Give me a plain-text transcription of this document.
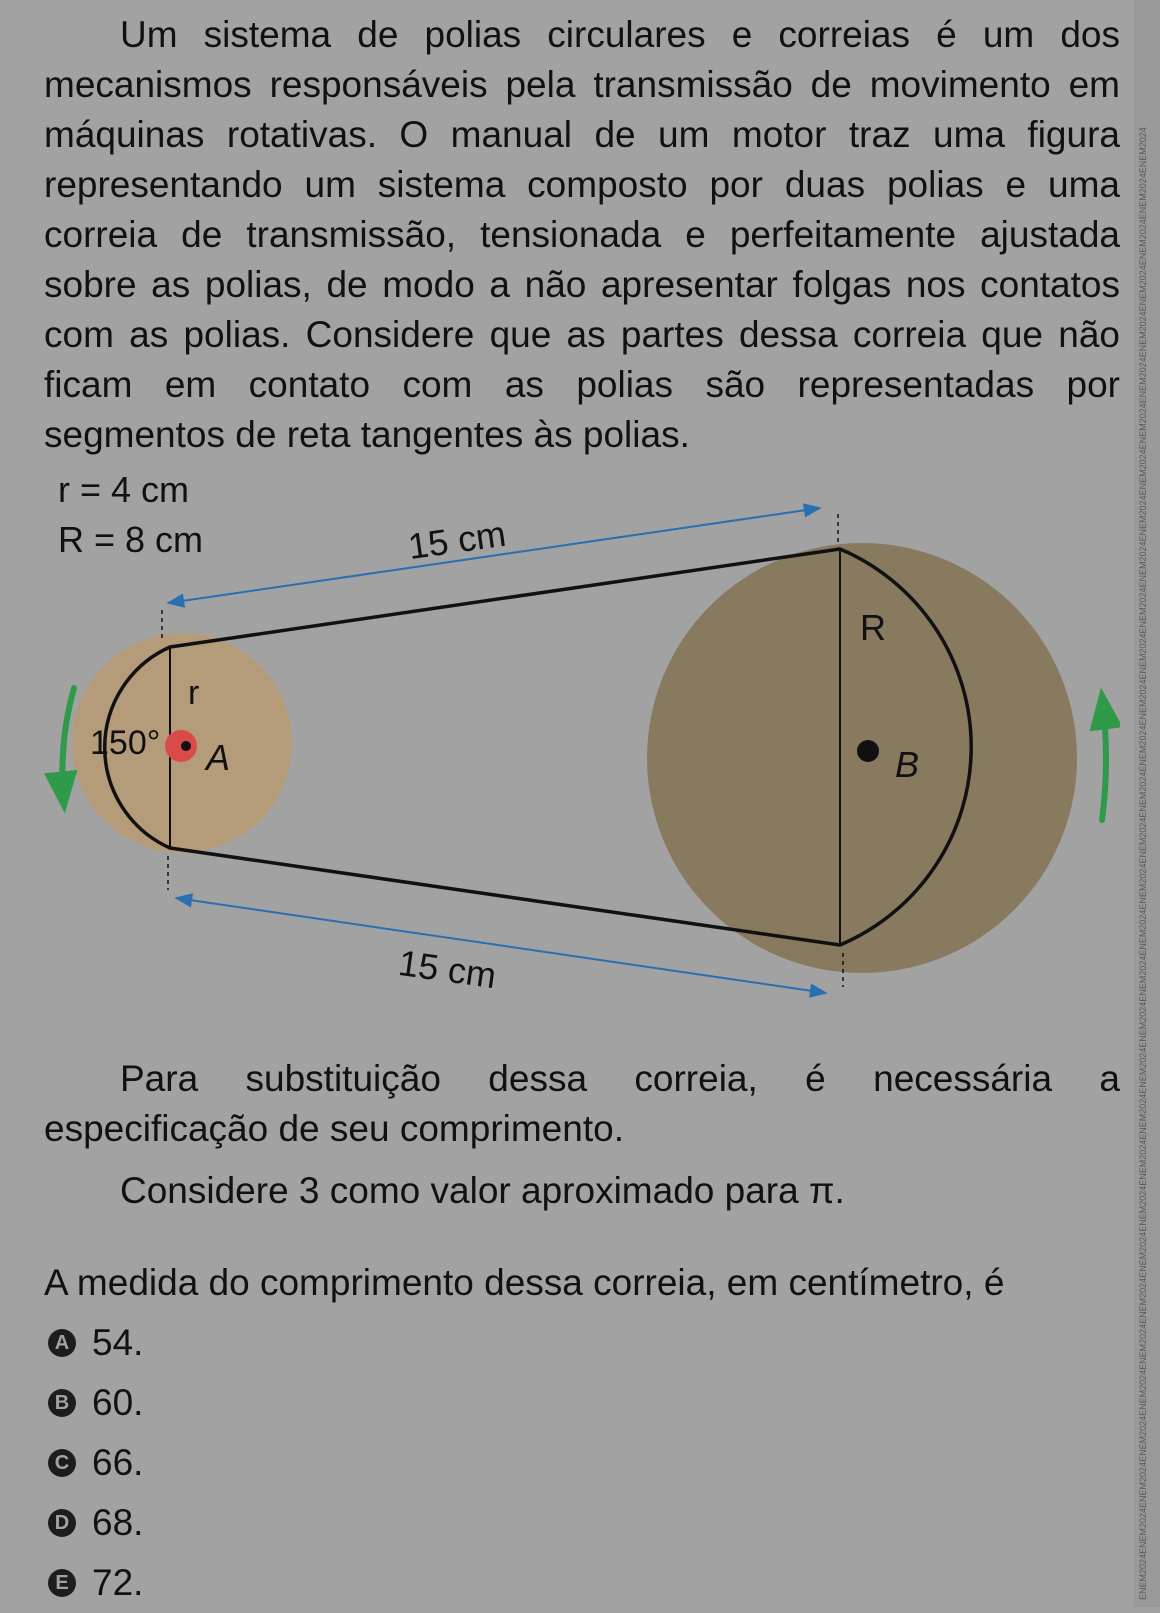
ENEM2024ENEM2024ENEM2024ENEM2024ENEM2024ENEM2024ENEM2024ENEM2024ENEM2024ENEM2024ENEM2024ENEM2024ENEM2024ENEM2024ENEM2024ENEM2024ENEM2024ENEM2024ENEM2024ENEM2024ENEM2024ENEM2024ENEM2024ENEM2024ENEM2024ENEM2024ENEM2024ENEM2024ENEM2024ENEM2024ENEM2024ENEM2024

Um sistema de polias circulares e correias é um dos mecanismos responsáveis pela transmissão de movimento em máquinas rotativas. O manual de um motor traz uma figura representando um sistema composto por duas polias e uma correia de transmissão, tensionada e perfeitamente ajustada sobre as polias, de modo a não apresentar folgas nos contatos com as polias. Considere que as partes dessa correia que não ficam em contato com as polias são representadas por segmentos de reta tangentes às polias.

r = 4 cm
R = 8 cm	15 cm
15 cm
R
r
150° A	B

Para substituição dessa correia, é necessária a especificação de seu comprimento.

Considere 3 como valor aproximado para π.

A medida do comprimento dessa correia, em centímetro, é

A 54.
B 60.
C 66.
D 68.
E 72.
